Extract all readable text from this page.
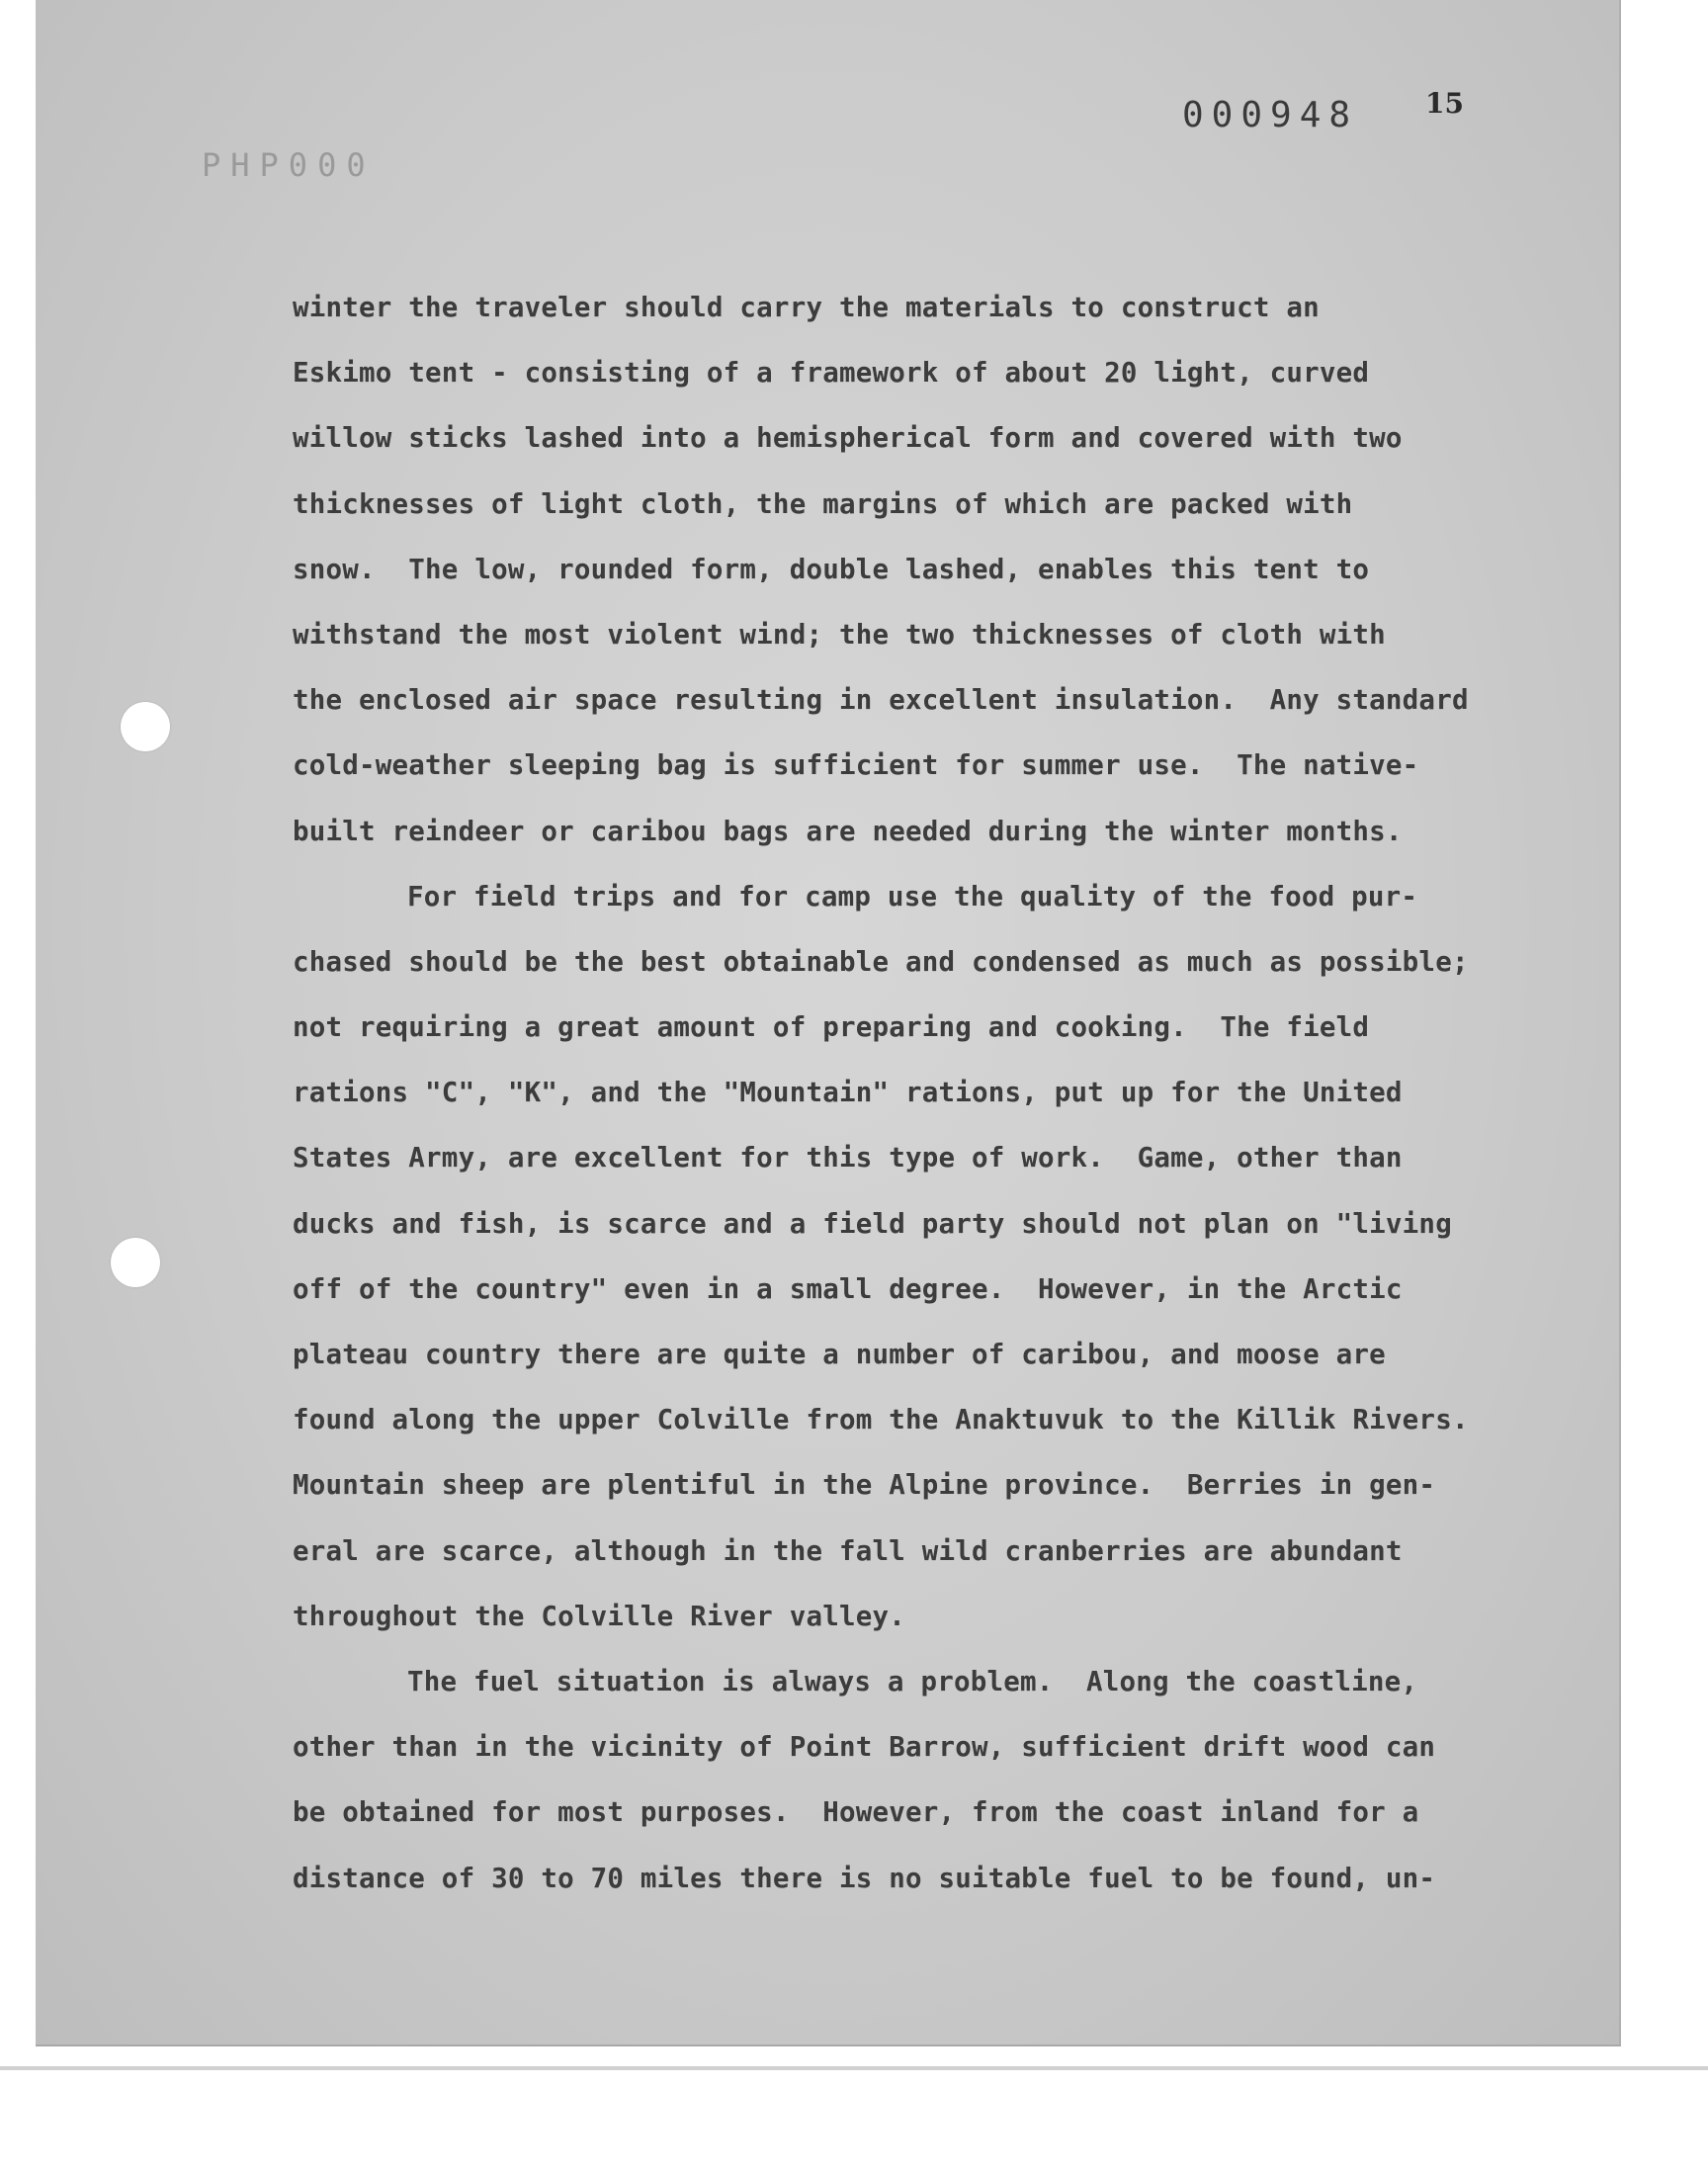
PHP000
000948 15
winter the traveler should carry the materials to construct an
Eskimo tent - consisting of a framework of about 20 light, curved
willow sticks lashed into a hemispherical form and covered with two
thicknesses of light cloth, the margins of which are packed with
snow.  The low, rounded form, double lashed, enables this tent to
withstand the most violent wind; the two thicknesses of cloth with
the enclosed air space resulting in excellent insulation.  Any standard
cold-weather sleeping bag is sufficient for summer use.  The native-
built reindeer or caribou bags are needed during the winter months.
For field trips and for camp use the quality of the food pur-
chased should be the best obtainable and condensed as much as possible;
not requiring a great amount of preparing and cooking.  The field
rations "C", "K", and the "Mountain" rations, put up for the United
States Army, are excellent for this type of work.  Game, other than
ducks and fish, is scarce and a field party should not plan on "living
off of the country" even in a small degree.  However, in the Arctic
plateau country there are quite a number of caribou, and moose are
found along the upper Colville from the Anaktuvuk to the Killik Rivers.
Mountain sheep are plentiful in the Alpine province.  Berries in gen-
eral are scarce, although in the fall wild cranberries are abundant
throughout the Colville River valley.
The fuel situation is always a problem.  Along the coastline,
other than in the vicinity of Point Barrow, sufficient drift wood can
be obtained for most purposes.  However, from the coast inland for a
distance of 30 to 70 miles there is no suitable fuel to be found, un-
